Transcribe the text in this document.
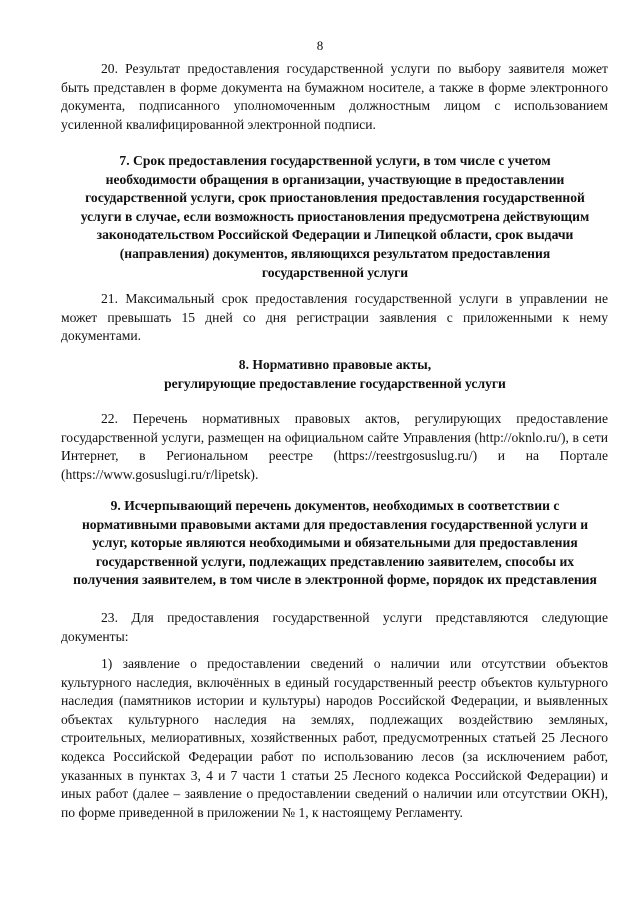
8

20. Результат предоставления государственной услуги по выбору заявителя может быть представлен в форме документа на бумажном носителе, а также в форме электронного документа, подписанного уполномоченным должностным лицом с использованием усиленной квалифицированной электронной подписи.

7. Срок предоставления государственной услуги, в том числе с учетом необходимости обращения в организации, участвующие в предоставлении государственной услуги, срок приостановления предоставления государственной услуги в случае, если возможность приостановления предусмотрена действующим законодательством Российской Федерации и Липецкой области, срок выдачи (направления) документов, являющихся результатом предоставления государственной услуги

21. Максимальный срок предоставления государственной услуги в управлении не может превышать 15 дней со дня регистрации заявления с приложенными к нему документами.

8. Нормативно правовые акты,
регулирующие предоставление государственной услуги

22. Перечень нормативных правовых актов, регулирующих предоставление государственной услуги, размещен на официальном сайте Управления (http://oknlo.ru/), в сети Интернет, в Региональном реестре (https://reestrgosuslug.ru/) и на Портале (https://www.gosuslugi.ru/r/lipetsk).

9. Исчерпывающий перечень документов, необходимых в соответствии с нормативными правовыми актами для предоставления государственной услуги и услуг, которые являются необходимыми и обязательными для предоставления государственной услуги, подлежащих представлению заявителем, способы их получения заявителем, в том числе в электронной форме, порядок их представления

23. Для предоставления государственной услуги представляются следующие документы:

1) заявление о предоставлении сведений о наличии или отсутствии объектов культурного наследия, включённых в единый государственный реестр объектов культурного наследия (памятников истории и культуры) народов Российской Федерации, и выявленных объектах культурного наследия на землях, подлежащих воздействию земляных, строительных, мелиоративных, хозяйственных работ, предусмотренных статьей 25 Лесного кодекса Российской Федерации работ по использованию лесов (за исключением работ, указанных в пунктах 3, 4 и 7 части 1 статьи 25 Лесного кодекса Российской Федерации) и иных работ (далее – заявление о предоставлении сведений о наличии или отсутствии ОКН), по форме приведенной в приложении № 1, к настоящему Регламенту.
